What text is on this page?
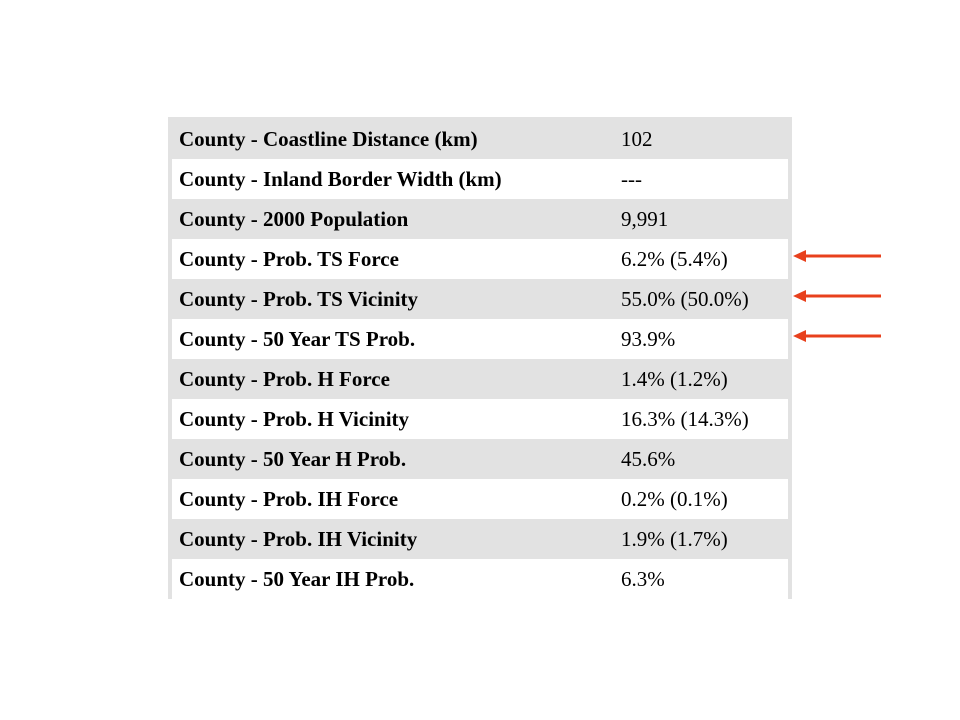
County - Coastline Distance (km)	102
County - Inland Border Width (km)	---
County - 2000 Population	9,991
County - Prob. TS Force	6.2% (5.4%)
County - Prob. TS Vicinity	55.0% (50.0%)
County - 50 Year TS Prob.	93.9%
County - Prob. H Force	1.4% (1.2%)
County - Prob. H Vicinity	16.3% (14.3%)
County - 50 Year H Prob.	45.6%
County - Prob. IH Force	0.2% (0.1%)
County - Prob. IH Vicinity	1.9% (1.7%)
County - 50 Year IH Prob.	6.3%
